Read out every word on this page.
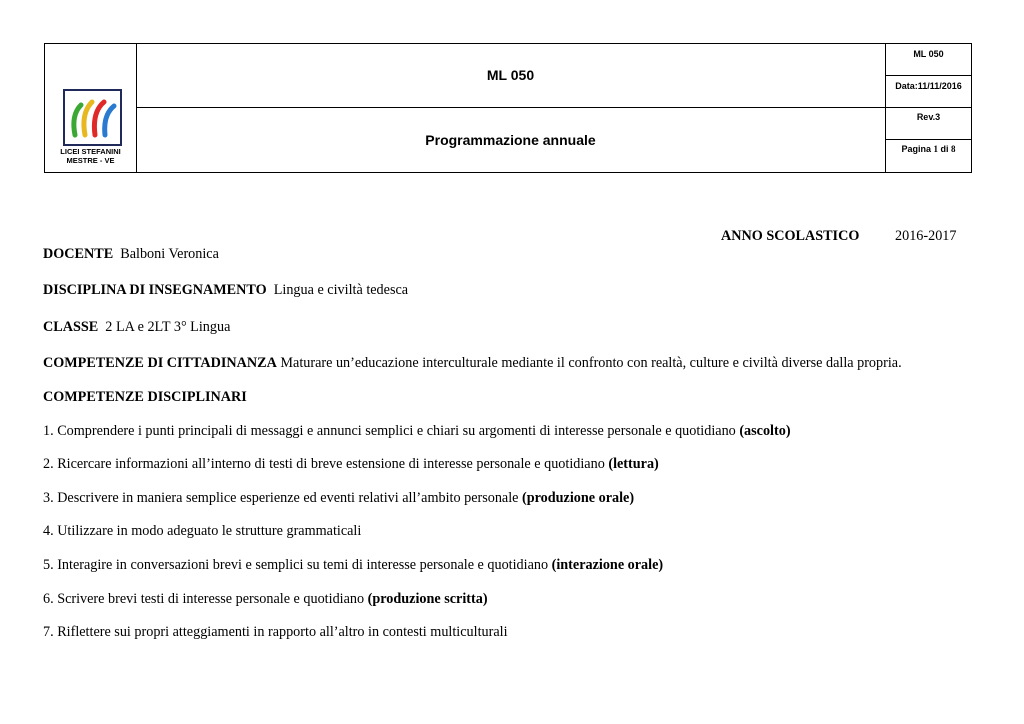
LICEI STEFANINI
MESTRE - VE
ML 050
Programmazione annuale
ML 050
Data:11/11/2016
Rev.3
Pagina 1 di 8
ANNO SCOLASTICO	2016-2017
DOCENTE Balboni Veronica
DISCIPLINA DI INSEGNAMENTO Lingua e civiltà tedesca
CLASSE 2 LA e 2LT 3° Lingua
COMPETENZE DI CITTADINANZA Maturare un’educazione interculturale mediante il confronto con realtà, culture e civiltà diverse dalla propria.
COMPETENZE DISCIPLINARI
1. Comprendere i punti principali di messaggi e annunci semplici e chiari su argomenti di interesse personale e quotidiano (ascolto)
2. Ricercare informazioni all’interno di testi di breve estensione di interesse personale e quotidiano (lettura)
3. Descrivere in maniera semplice esperienze ed eventi relativi all’ambito personale (produzione orale)
4. Utilizzare in modo adeguato le strutture grammaticali
5. Interagire in conversazioni brevi e semplici su temi di interesse personale e quotidiano (interazione orale)
6. Scrivere brevi testi di interesse personale e quotidiano (produzione scritta)
7. Riflettere sui propri atteggiamenti in rapporto all’altro in contesti multiculturali
